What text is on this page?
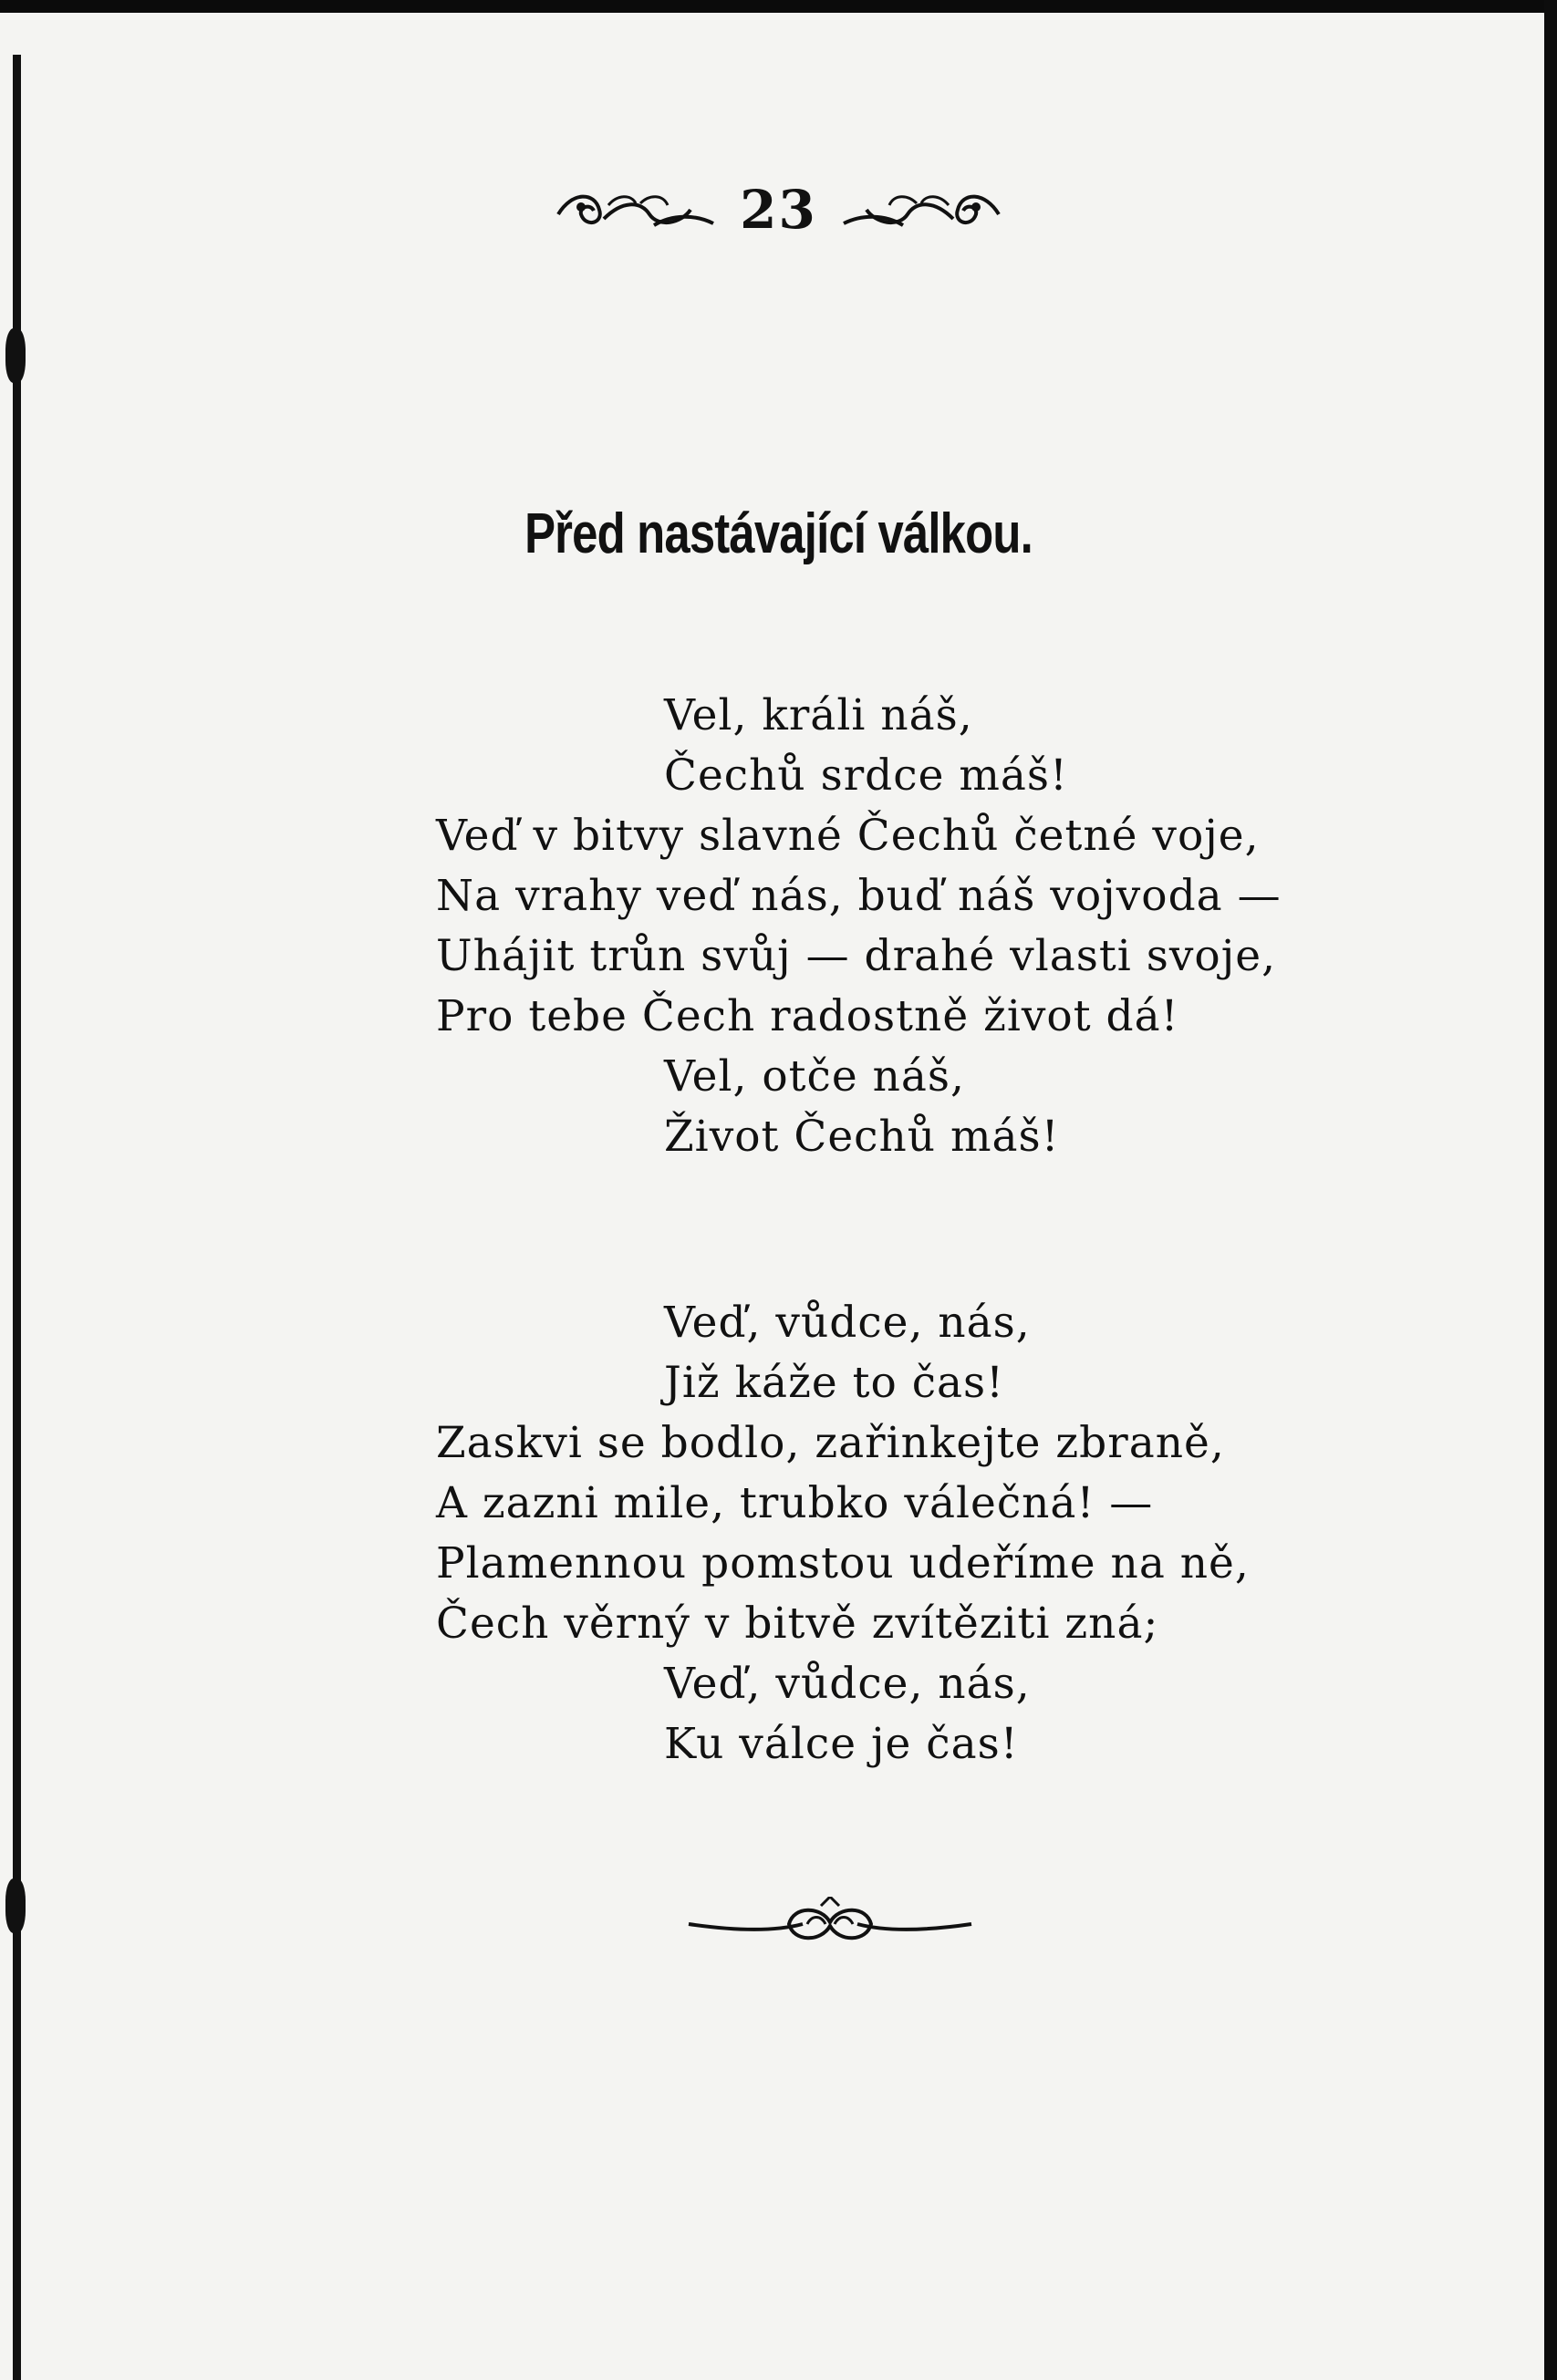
23
Před nastávající válkou.
Vel, králi náš,
Čechů srdce máš!
Veď v bitvy slavné Čechů četné voje,
Na vrahy veď nás, buď náš vojvoda —
Uhájit trůn svůj — drahé vlasti svoje,
Pro tebe Čech radostně život dá!
Vel, otče náš,
Život Čechů máš!
Veď, vůdce, nás,
Již káže to čas!
Zaskvi se bodlo, zařinkejte zbraně,
A zazni mile, trubko válečná! —
Plamennou pomstou udeříme na ně,
Čech věrný v bitvě zvítěziti zná;
Veď, vůdce, nás,
Ku válce je čas!
